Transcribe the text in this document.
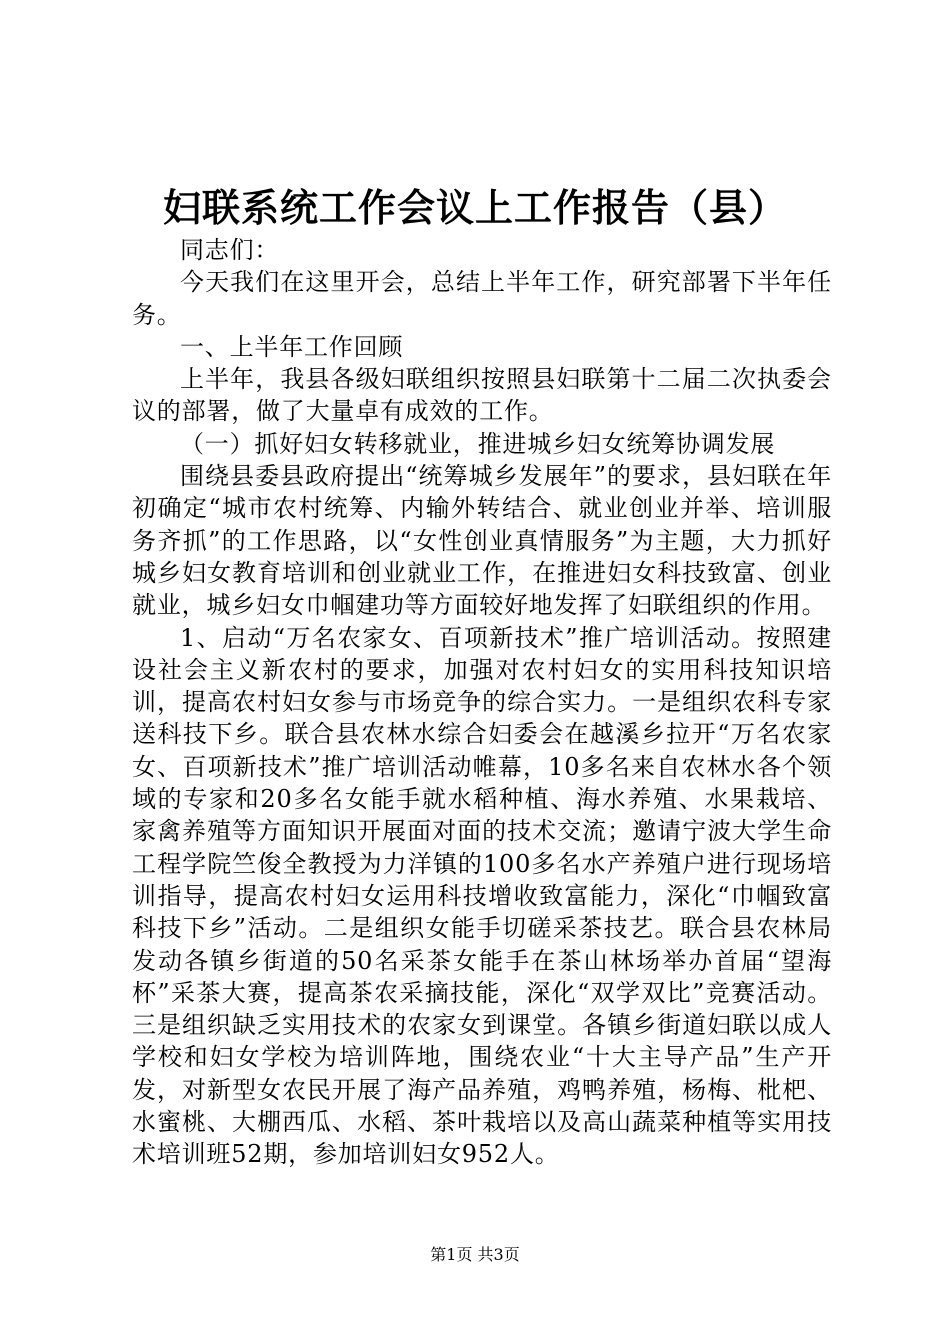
妇联系统工作会议上工作报告（县）

同志们：

今天我们在这里开会，总结上半年工作，研究部署下半年任务。

一、上半年工作回顾

上半年，我县各级妇联组织按照县妇联第十二届二次执委会议的部署，做了大量卓有成效的工作。

（一）抓好妇女转移就业，推进城乡妇女统筹协调发展

围绕县委县政府提出“统筹城乡发展年”的要求，县妇联在年初确定“城市农村统筹、内输外转结合、就业创业并举、培训服务齐抓”的工作思路，以“女性创业真情服务”为主题，大力抓好城乡妇女教育培训和创业就业工作，在推进妇女科技致富、创业就业，城乡妇女巾帼建功等方面较好地发挥了妇联组织的作用。

1、启动“万名农家女、百项新技术”推广培训活动。按照建设社会主义新农村的要求，加强对农村妇女的实用科技知识培训，提高农村妇女参与市场竞争的综合实力。一是组织农科专家送科技下乡。联合县农林水综合妇委会在越溪乡拉开“万名农家女、百项新技术”推广培训活动帷幕，10多名来自农林水各个领域的专家和20多名女能手就水稻种植、海水养殖、水果栽培、家禽养殖等方面知识开展面对面的技术交流；邀请宁波大学生命工程学院竺俊全教授为力洋镇的100多名水产养殖户进行现场培训指导，提高农村妇女运用科技增收致富能力，深化“巾帼致富科技下乡”活动。二是组织女能手切磋采茶技艺。联合县农林局发动各镇乡街道的50名采茶女能手在茶山林场举办首届“望海杯”采茶大赛，提高茶农采摘技能，深化“双学双比”竞赛活动。三是组织缺乏实用技术的农家女到课堂。各镇乡街道妇联以成人学校和妇女学校为培训阵地，围绕农业“十大主导产品”生产开发，对新型女农民开展了海产品养殖，鸡鸭养殖，杨梅、枇杷、水蜜桃、大棚西瓜、水稻、茶叶栽培以及高山蔬菜种植等实用技术培训班52期，参加培训妇女952人。

第1页 共3页
